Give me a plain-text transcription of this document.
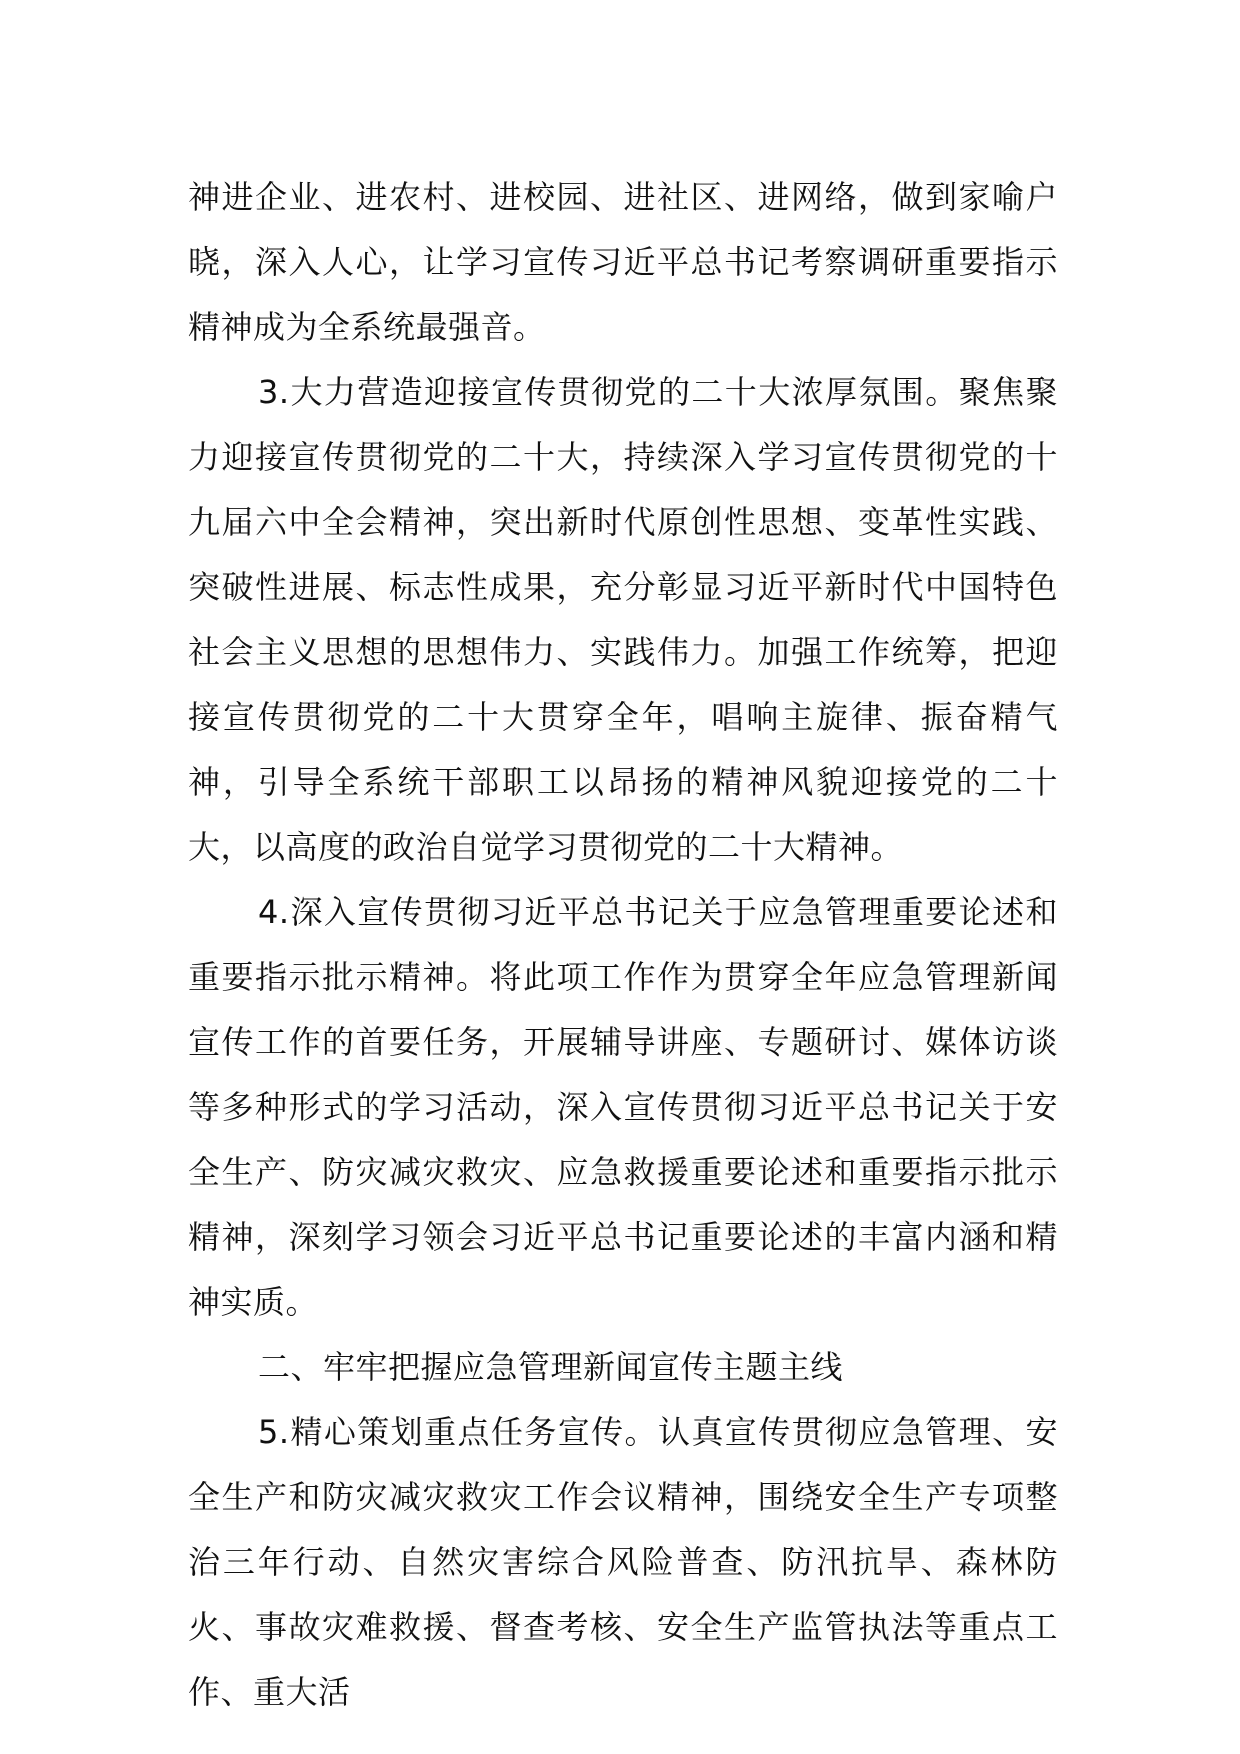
神进企业、进农村、进校园、进社区、进网络，做到家喻户晓，深入人心，让学习宣传习近平总书记考察调研重要指示精神成为全系统最强音。

3.大力营造迎接宣传贯彻党的二十大浓厚氛围。聚焦聚力迎接宣传贯彻党的二十大，持续深入学习宣传贯彻党的十九届六中全会精神，突出新时代原创性思想、变革性实践、突破性进展、标志性成果，充分彰显习近平新时代中国特色社会主义思想的思想伟力、实践伟力。加强工作统筹，把迎接宣传贯彻党的二十大贯穿全年，唱响主旋律、振奋精气神，引导全系统干部职工以昂扬的精神风貌迎接党的二十大，以高度的政治自觉学习贯彻党的二十大精神。

4.深入宣传贯彻习近平总书记关于应急管理重要论述和重要指示批示精神。将此项工作作为贯穿全年应急管理新闻宣传工作的首要任务，开展辅导讲座、专题研讨、媒体访谈等多种形式的学习活动，深入宣传贯彻习近平总书记关于安全生产、防灾减灾救灾、应急救援重要论述和重要指示批示精神，深刻学习领会习近平总书记重要论述的丰富内涵和精神实质。

二、牢牢把握应急管理新闻宣传主题主线

5.精心策划重点任务宣传。认真宣传贯彻应急管理、安全生产和防灾减灾救灾工作会议精神，围绕安全生产专项整治三年行动、自然灾害综合风险普查、防汛抗旱、森林防火、事故灾难救援、督查考核、安全生产监管执法等重点工作、重大活
